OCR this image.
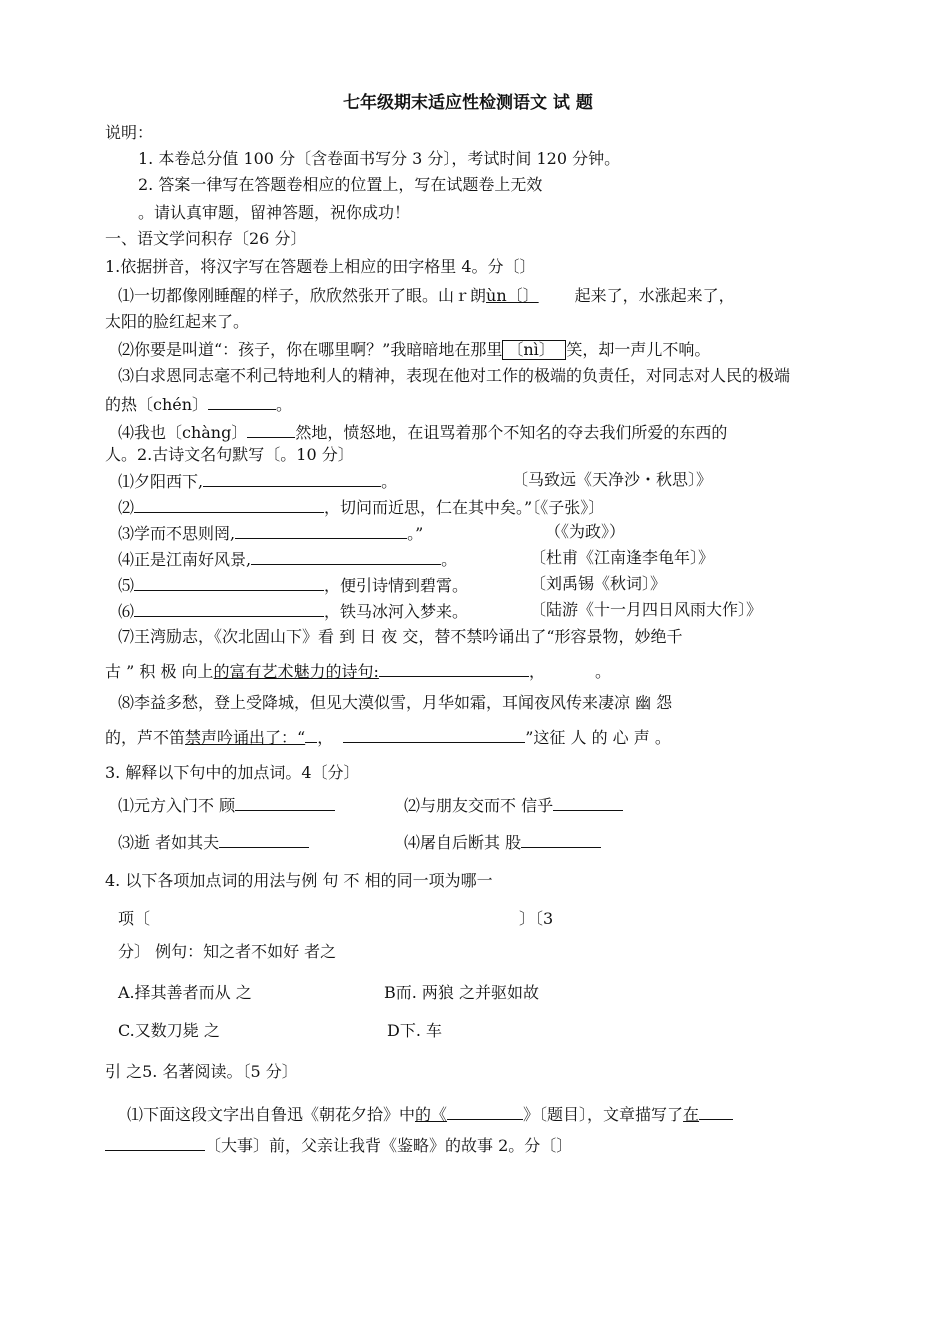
七年级期末适应性检测语文 试 题
说明：
1. 本卷总分值 100 分〔含卷面书写分 3 分〕，考试时间 120 分钟。
2. 答案一律写在答题卷相应的位置上，写在试题卷上无效
。请认真审题，留神答题，祝你成功！
一、语文学问积存〔26 分〕
1.依据拼音，将汉字写在答题卷上相应的田字格里 4。分〔〕
⑴一切都像刚睡醒的样子，欣欣然张开了眼。山ｒ朗ùn〔〕 起来了，水涨起来了，
太阳的脸红起来了。
⑵你要是叫道“：孩子，你在哪里啊？”我暗暗地在那里 〔nì〕 笑，却一声儿不响。
⑶白求恩同志毫不利己特地利人的精神，表现在他对工作的极端的负责任，对同志对人民的极端
的热〔chén〕	。
⑷我也〔chàng〕	然地，愤怒地，在诅骂着那个不知名的夺去我们所爱的东西的
人。2.古诗文名句默写〔。10 分〕
⑴夕阳西下,	。	〔马致远《天净沙・秋思〕》
⑵	，切问而近思，仁在其中矣。”〔《子张》〕
⑶学而不思则罔,	。”	（《为政》）
⑷正是江南好风景,	。	〔杜甫《江南逢李龟年〕》
⑸	，便引诗情到碧霄。	〔刘禹锡《秋词〕》
⑹	，铁马冰河入梦来。	〔陆游《十一月四日风雨大作〕》
⑺王湾励志，《次北固山下》看 到 日 夜 交，替不禁吟诵出了“形容景物，妙绝千
古 ” 积 极 向上的富有艺术魅力的诗句:	，	。
⑻李益多愁，登上受降城，但见大漠似雪，月华如霜，耳闻夜风传来凄凉 幽 怨
的，芦不笛禁声吟诵出了：“ ，	”这征 人 的 心 声 。
3. 解释以下句中的加点词。4〔分〕
⑴元方入门不 顾	⑵与朋友交而不 信乎
⑶逝 者如其夫	⑷屠自后断其 股
4. 以下各项加点词的用法与例 句 不 相的同一项为哪一
项〔	〕〔3
分〕 例句：知之者不如好 者之
A.择其善者而从 之	B而. 两狼 之并驱如故
C.又数刀毙 之	D下. 车
引 之5. 名著阅读。〔5 分〕
⑴下面这段文字出自鲁迅《朝花夕拾》中的《	》〔题目〕，文章描写了在
〔大事〕前，父亲让我背《鉴略》的故事 2。分〔〕
